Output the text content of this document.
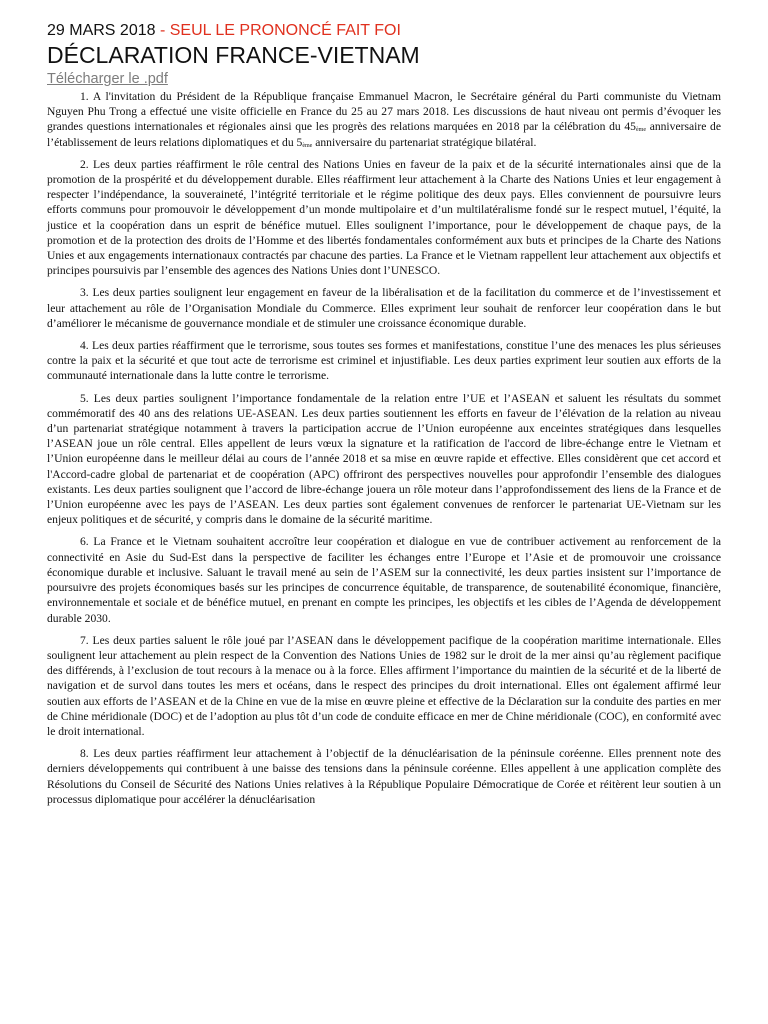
29 MARS 2018 - SEUL LE PRONONCÉ FAIT FOI
DÉCLARATION FRANCE-VIETNAM
Télécharger le .pdf

1. A l'invitation du Président de la République française Emmanuel Macron, le Secrétaire général du Parti communiste du Vietnam Nguyen Phu Trong a effectué une visite officielle en France du 25 au 27 mars 2018. Les discussions de haut niveau ont permis d’évoquer les grandes questions internationales et régionales ainsi que les progrès des relations marquées en 2018 par la célébration du $45_{ème}$ anniversaire de l’établissement de leurs relations diplomatiques et du $5_{ème}$ anniversaire du partenariat stratégique bilatéral.

2. Les deux parties réaffirment le rôle central des Nations Unies en faveur de la paix et de la sécurité internationales ainsi que de la promotion de la prospérité et du développement durable. Elles réaffirment leur attachement à la Charte des Nations Unies et leur engagement à respecter l’indépendance, la souveraineté, l’intégrité territoriale et le régime politique des deux pays. Elles conviennent de poursuivre leurs efforts communs pour promouvoir le développement d’un monde multipolaire et d’un multilatéralisme fondé sur le respect mutuel, l’équité, la justice et la coopération dans un esprit de bénéfice mutuel. Elles soulignent l’importance, pour le développement de chaque pays, de la promotion et de la protection des droits de l’Homme et des libertés fondamentales conformément aux buts et principes de la Charte des Nations Unies et aux engagements internationaux contractés par chacune des parties. La France et le Vietnam rappellent leur attachement aux objectifs et principes poursuivis par l’ensemble des agences des Nations Unies dont l’UNESCO.

3. Les deux parties soulignent leur engagement en faveur de la libéralisation et de la facilitation du commerce et de l’investissement et leur attachement au rôle de l’Organisation Mondiale du Commerce. Elles expriment leur souhait de renforcer leur coopération dans le but d’améliorer le mécanisme de gouvernance mondiale et de stimuler une croissance économique durable.

4. Les deux parties réaffirment que le terrorisme, sous toutes ses formes et manifestations, constitue l’une des menaces les plus sérieuses contre la paix et la sécurité et que tout acte de terrorisme est criminel et injustifiable. Les deux parties expriment leur soutien aux efforts de la communauté internationale dans la lutte contre le terrorisme.

5. Les deux parties soulignent l’importance fondamentale de la relation entre l’UE et l’ASEAN et saluent les résultats du sommet commémoratif des 40 ans des relations UE-ASEAN. Les deux parties soutiennent les efforts en faveur de l’élévation de la relation au niveau d’un partenariat stratégique notamment à travers la participation accrue de l’Union européenne aux enceintes stratégiques dans lesquelles l’ASEAN joue un rôle central. Elles appellent de leurs vœux la signature et la ratification de l'accord de libre-échange entre le Vietnam et l’Union européenne dans le meilleur délai au cours de l’année 2018 et sa mise en œuvre rapide et effective. Elles considèrent que cet accord et l'Accord-cadre global de partenariat et de coopération (APC) offriront des perspectives nouvelles pour approfondir l’ensemble des dialogues existants. Les deux parties soulignent que l’accord de libre-échange jouera un rôle moteur dans l’approfondissement des liens de la France et de l’Union européenne avec les pays de l’ASEAN. Les deux parties sont également convenues de renforcer le partenariat UE-Vietnam sur les enjeux politiques et de sécurité, y compris dans le domaine de la sécurité maritime.

6. La France et le Vietnam souhaitent accroître leur coopération et dialogue en vue de contribuer activement au renforcement de la connectivité en Asie du Sud-Est dans la perspective de faciliter les échanges entre l’Europe et l’Asie et de promouvoir une croissance économique durable et inclusive. Saluant le travail mené au sein de l’ASEM sur la connectivité, les deux parties insistent sur l’importance de poursuivre des projets économiques basés sur les principes de concurrence équitable, de transparence, de soutenabilité économique, financière, environnementale et sociale et de bénéfice mutuel, en prenant en compte les principes, les objectifs et les cibles de l’Agenda de développement durable 2030.

7. Les deux parties saluent le rôle joué par l’ASEAN dans le développement pacifique de la coopération maritime internationale. Elles soulignent leur attachement au plein respect de la Convention des Nations Unies de 1982 sur le droit de la mer ainsi qu’au règlement pacifique des différends, à l’exclusion de tout recours à la menace ou à la force. Elles affirment l’importance du maintien de la sécurité et de la liberté de navigation et de survol dans toutes les mers et océans, dans le respect des principes du droit international. Elles ont également affirmé leur soutien aux efforts de l’ASEAN et de la Chine en vue de la mise en œuvre pleine et effective de la Déclaration sur la conduite des parties en mer de Chine méridionale (DOC) et de l’adoption au plus tôt d’un code de conduite efficace en mer de Chine méridionale (COC), en conformité avec le droit international.

8. Les deux parties réaffirment leur attachement à l’objectif de la dénucléarisation de la péninsule coréenne. Elles prennent note des derniers développements qui contribuent à une baisse des tensions dans la péninsule coréenne. Elles appellent à une application complète des Résolutions du Conseil de Sécurité des Nations Unies relatives à la République Populaire Démocratique de Corée et réitèrent leur soutien à un processus diplomatique pour accélérer la dénucléarisation
